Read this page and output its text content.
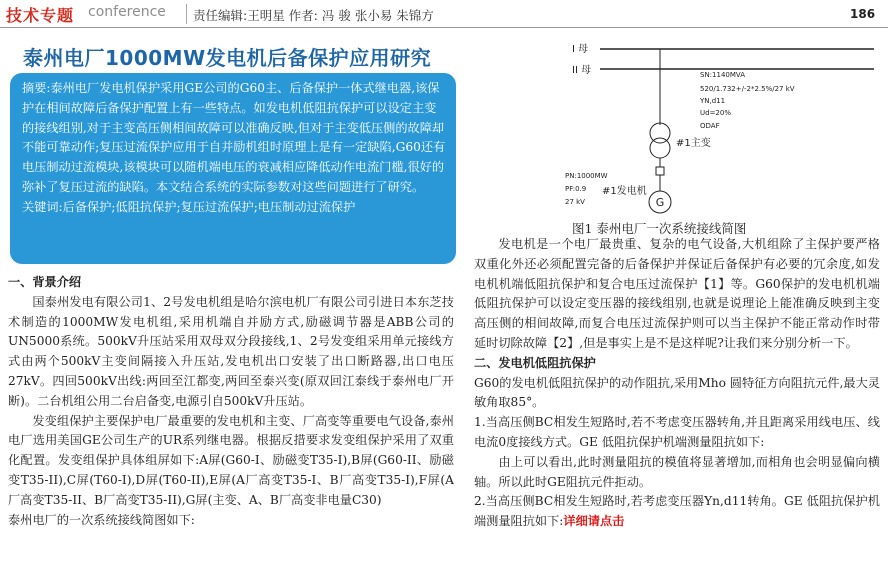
技术专题 conference 责任编辑:王明星 作者: 冯 骏 张小易 朱锦方	186
泰州电厂1000MW发电机后备保护应用研究

摘要:泰州电厂发电机保护采用GE公司的G60主、后备保护一体式继电器,该保护在相间故障后备保护配置上有一些特点。如发电机低阻抗保护可以设定主变的接线组别,对于主变高压侧相间故障可以准确反映,但对于主变低压侧的故障却不能可靠动作;复压过流保护应用于自并励机组时原理上是有一定缺陷,G60还有电压制动过流模块,该模块可以随机端电压的衰减相应降低动作电流门槛,很好的弥补了复压过流的缺陷。本文结合系统的实际参数对这些问题进行了研究。

关键词:后备保护;低阻抗保护;复压过流保护;电压制动过流保护

一、背景介绍

国泰州发电有限公司1、2号发电机组是哈尔滨电机厂有限公司引进日本东芝技术制造的1000MW发电机组,采用机端自并励方式,励磁调节器是ABB公司的UN5000系统。500kV升压站采用双母双分段接线,1、2号发变组采用单元接线方式由两个500kV主变间隔接入升压站,发电机出口安装了出口断路器,出口电压27kV。四回500kV出线:两回至江都变,两回至泰兴变(原双回江泰线于泰州电厂开断)。二台机组公用二台启备变,电源引自500kV升压站。

发变组保护主要保护电厂最重要的发电机和主变、厂高变等重要电气设备,泰州电厂选用美国GE公司生产的UR系列继电器。根据反措要求发变组保护采用了双重化配置。发变组保护具体组屏如下:A屏(G60-I、励磁变T35-I),B屏(G60-II、励磁变T35-II),C屏(T60-I),D屏(T60-II),E屏(A厂高变T35-I、B厂高变T35-I),F屏(A厂高变T35-II、B厂高变T35-II),G屏(主变、A、B厂高变非电量C30)

泰州电厂的一次系统接线简图如下:

I 母
II 母
#1主变
SN:1140MVA
520/1.732+/-2*2.5%/27 kV
YN,d11
Ud=20%
ODAF
G
#1发电机
PN:1000MW
PF:0.9
27 kV
图1 泰州电厂一次系统接线简图

发电机是一个电厂最贵重、复杂的电气设备,大机组除了主保护要严格双重化外还必须配置完备的后备保护并保证后备保护有必要的冗余度,如发电机机端低阻抗保护和复合电压过流保护【1】等。G60保护的发电机机端低阻抗保护可以设定变压器的接线组别,也就是说理论上能准确反映到主变高压侧的相间故障,而复合电压过流保护则可以当主保护不能正常动作时带延时切除故障【2】,但是事实上是不是这样呢?让我们来分别分析一下。

二、发电机低阻抗保护

G60的发电机低阻抗保护的动作阻抗,采用Mho 圆特征方向阻抗元件,最大灵敏角取85°。

1.当高压侧BC相发生短路时,若不考虑变压器转角,并且距离采用线电压、线电流0度接线方式。GE 低阻抗保护机端测量阻抗如下:

由上可以看出,此时测量阻抗的模值将显著增加,而相角也会明显偏向横轴。所以此时GE阻抗元件拒动。

2.当高压侧BC相发生短路时,若考虑变压器Yn,d11转角。GE 低阻抗保护机端测量阻抗如下:详细请点击
